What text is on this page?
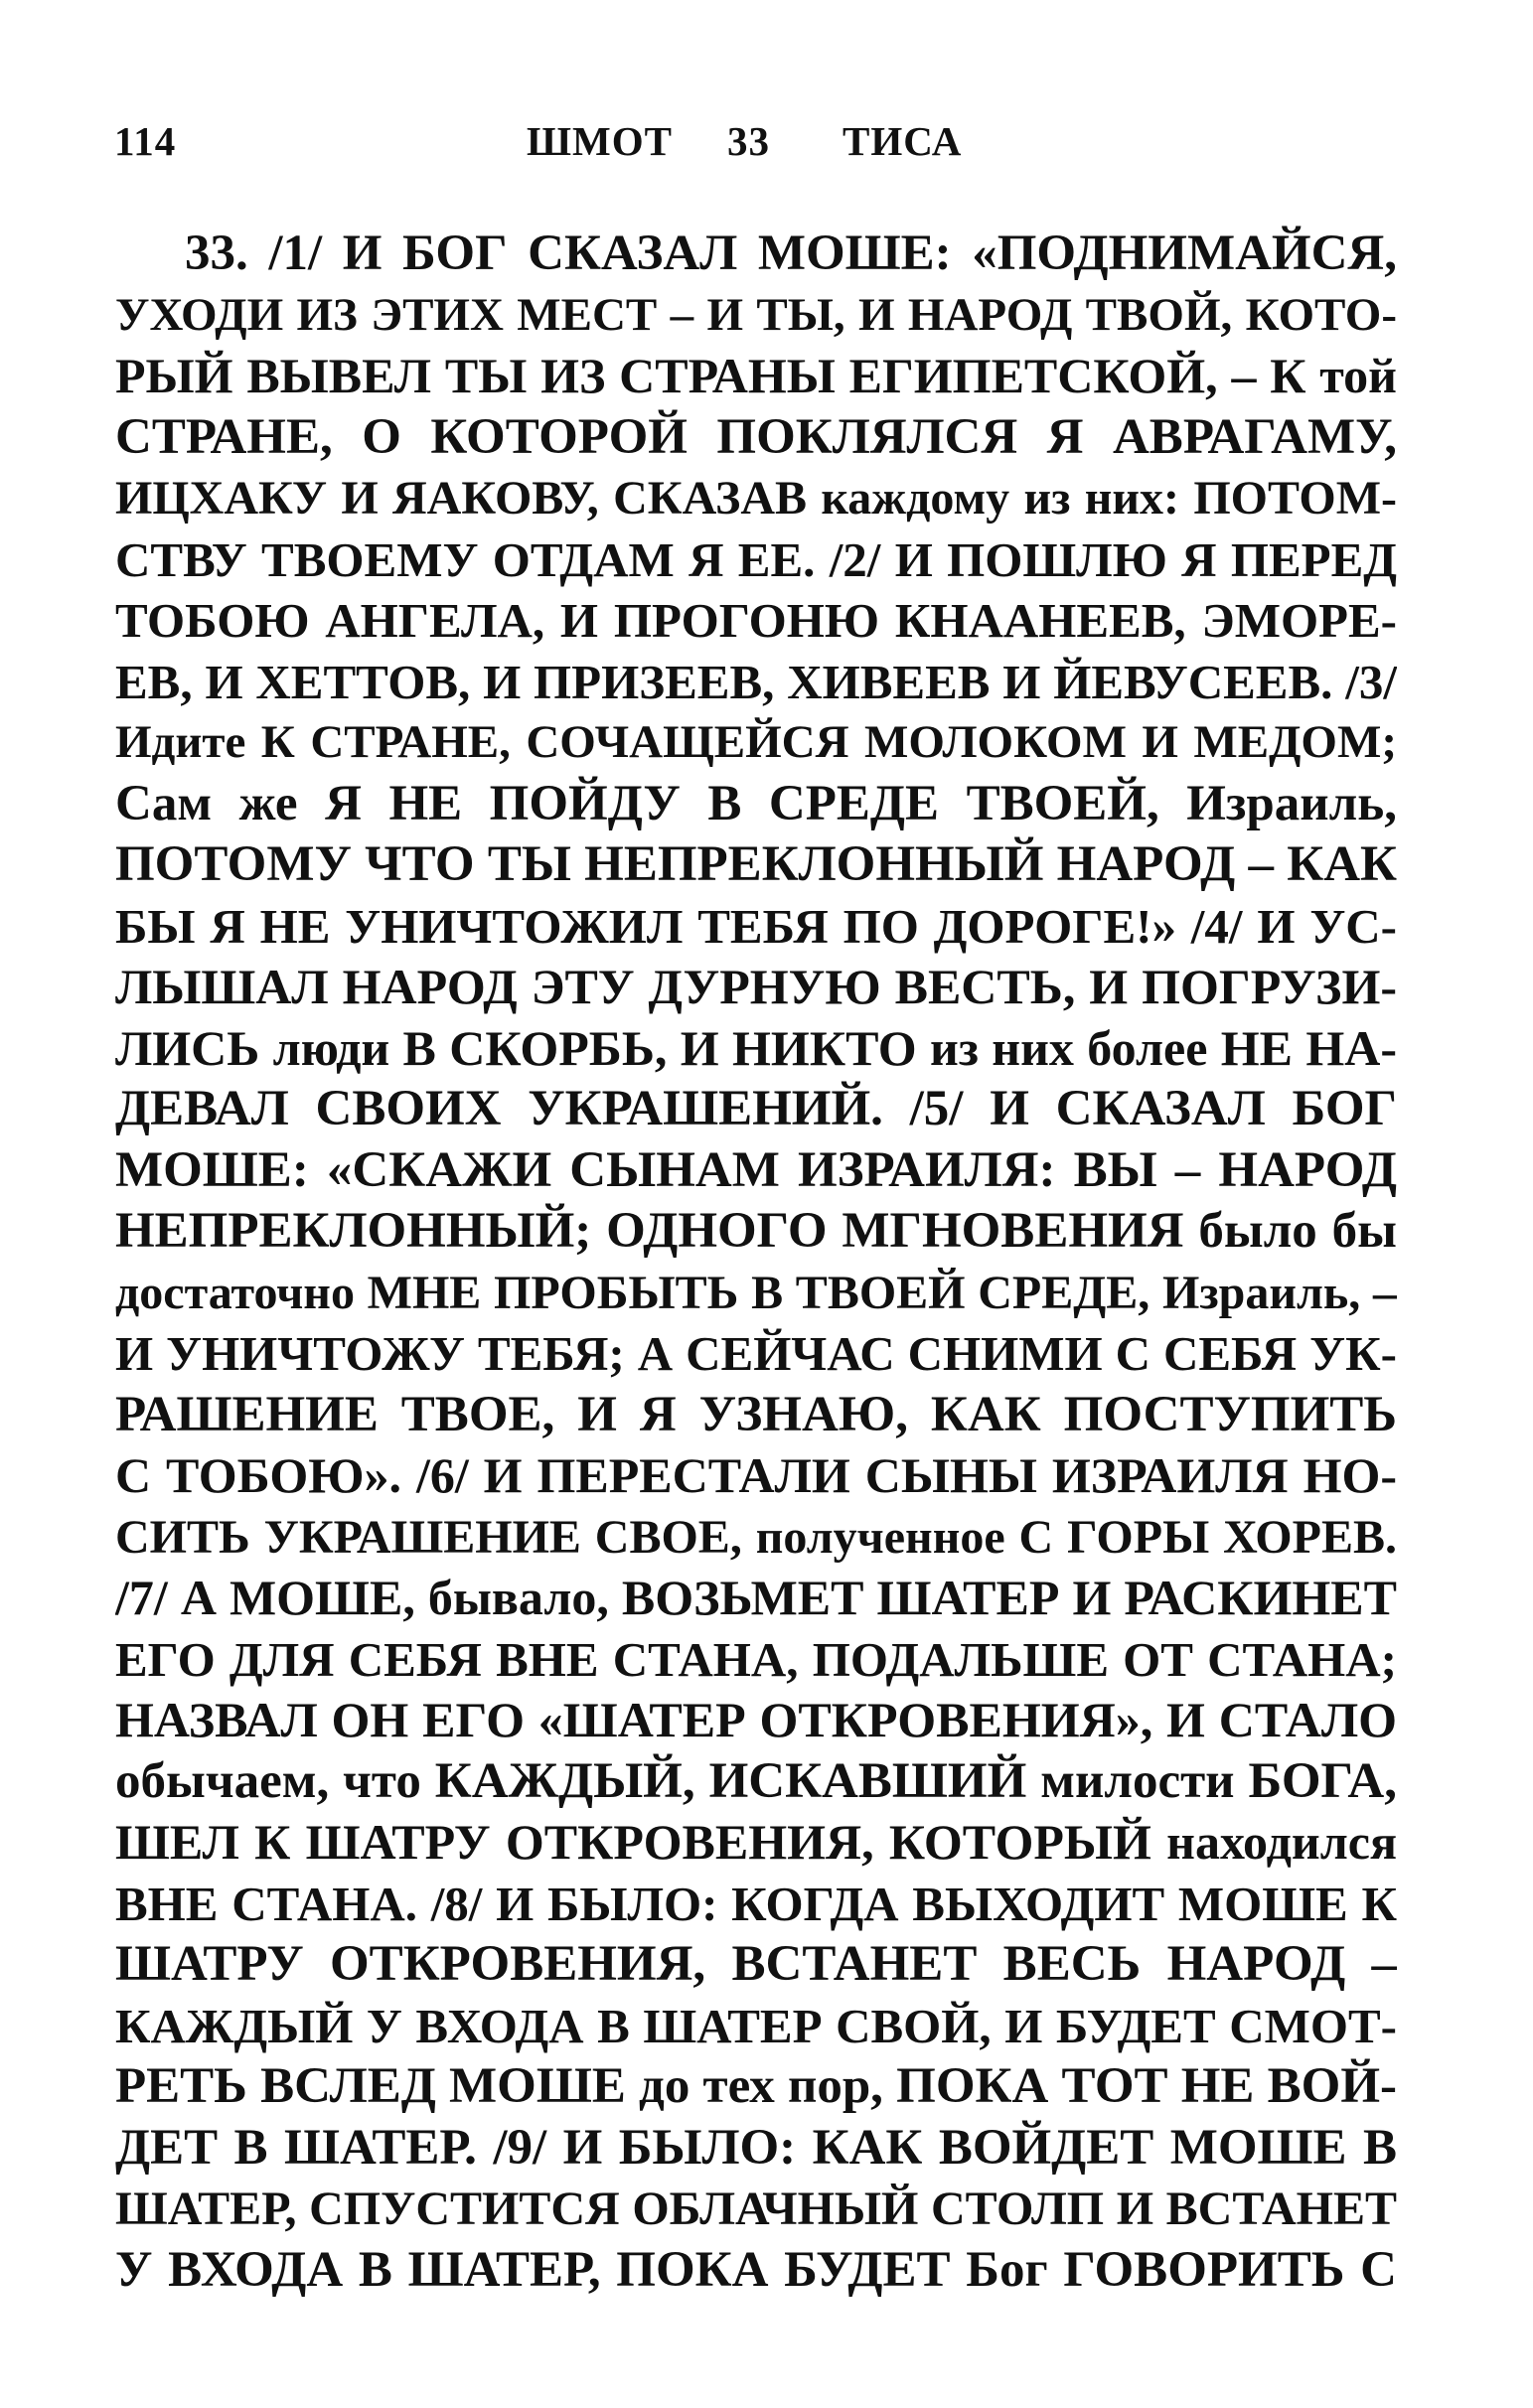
114	ШМОТ 33 ТИСА
33. /1/ И БОГ СКАЗАЛ МОШЕ: «ПОДНИМАЙСЯ,
УХОДИ ИЗ ЭТИХ МЕСТ – И ТЫ, И НАРОД ТВОЙ, КОТО-
РЫЙ ВЫВЕЛ ТЫ ИЗ СТРАНЫ ЕГИПЕТСКОЙ, – К той
СТРАНЕ, О КОТОРОЙ ПОКЛЯЛСЯ Я АВРАГАМУ,
ИЦХАКУ И ЯАКОВУ, СКАЗАВ каждому из них: ПОТОМ-
СТВУ ТВОЕМУ ОТДАМ Я ЕЕ. /2/ И ПОШЛЮ Я ПЕРЕД
ТОБОЮ АНГЕЛА, И ПРОГОНЮ КНААНЕЕВ, ЭМОРЕ-
ЕВ, И ХЕТТОВ, И ПРИЗЕЕВ, ХИВЕЕВ И ЙЕВУСЕЕВ. /3/
Идите К СТРАНЕ, СОЧАЩЕЙСЯ МОЛОКОМ И МЕДОМ;
Сам же Я НЕ ПОЙДУ В СРЕДЕ ТВОЕЙ, Израиль,
ПОТОМУ ЧТО ТЫ НЕПРЕКЛОННЫЙ НАРОД – КАК
БЫ Я НЕ УНИЧТОЖИЛ ТЕБЯ ПО ДОРОГЕ!» /4/ И УС-
ЛЫШАЛ НАРОД ЭТУ ДУРНУЮ ВЕСТЬ, И ПОГРУЗИ-
ЛИСЬ люди В СКОРБЬ, И НИКТО из них более НЕ НА-
ДЕВАЛ СВОИХ УКРАШЕНИЙ. /5/ И СКАЗАЛ БОГ
МОШЕ: «СКАЖИ СЫНАМ ИЗРАИЛЯ: ВЫ – НАРОД
НЕПРЕКЛОННЫЙ; ОДНОГО МГНОВЕНИЯ было бы
достаточно МНЕ ПРОБЫТЬ В ТВОЕЙ СРЕДЕ, Израиль, –
И УНИЧТОЖУ ТЕБЯ; А СЕЙЧАС СНИМИ С СЕБЯ УК-
РАШЕНИЕ ТВОЕ, И Я УЗНАЮ, КАК ПОСТУПИТЬ
С ТОБОЮ». /6/ И ПЕРЕСТАЛИ СЫНЫ ИЗРАИЛЯ НО-
СИТЬ УКРАШЕНИЕ СВОЕ, полученное С ГОРЫ ХОРЕВ.
/7/ А МОШЕ, бывало, ВОЗЬМЕТ ШАТЕР И РАСКИНЕТ
ЕГО ДЛЯ СЕБЯ ВНЕ СТАНА, ПОДАЛЬШЕ ОТ СТАНА;
НАЗВАЛ ОН ЕГО «ШАТЕР ОТКРОВЕНИЯ», И СТАЛО
обычаем, что КАЖДЫЙ, ИСКАВШИЙ милости БОГА,
ШЕЛ К ШАТРУ ОТКРОВЕНИЯ, КОТОРЫЙ находился
ВНЕ СТАНА. /8/ И БЫЛО: КОГДА ВЫХОДИТ МОШЕ К
ШАТРУ ОТКРОВЕНИЯ, ВСТАНЕТ ВЕСЬ НАРОД –
КАЖДЫЙ У ВХОДА В ШАТЕР СВОЙ, И БУДЕТ СМОТ-
РЕТЬ ВСЛЕД МОШЕ до тех пор, ПОКА ТОТ НЕ ВОЙ-
ДЕТ В ШАТЕР. /9/ И БЫЛО: КАК ВОЙДЕТ МОШЕ В
ШАТЕР, СПУСТИТСЯ ОБЛАЧНЫЙ СТОЛП И ВСТАНЕТ
У ВХОДА В ШАТЕР, ПОКА БУДЕТ Бог ГОВОРИТЬ С
